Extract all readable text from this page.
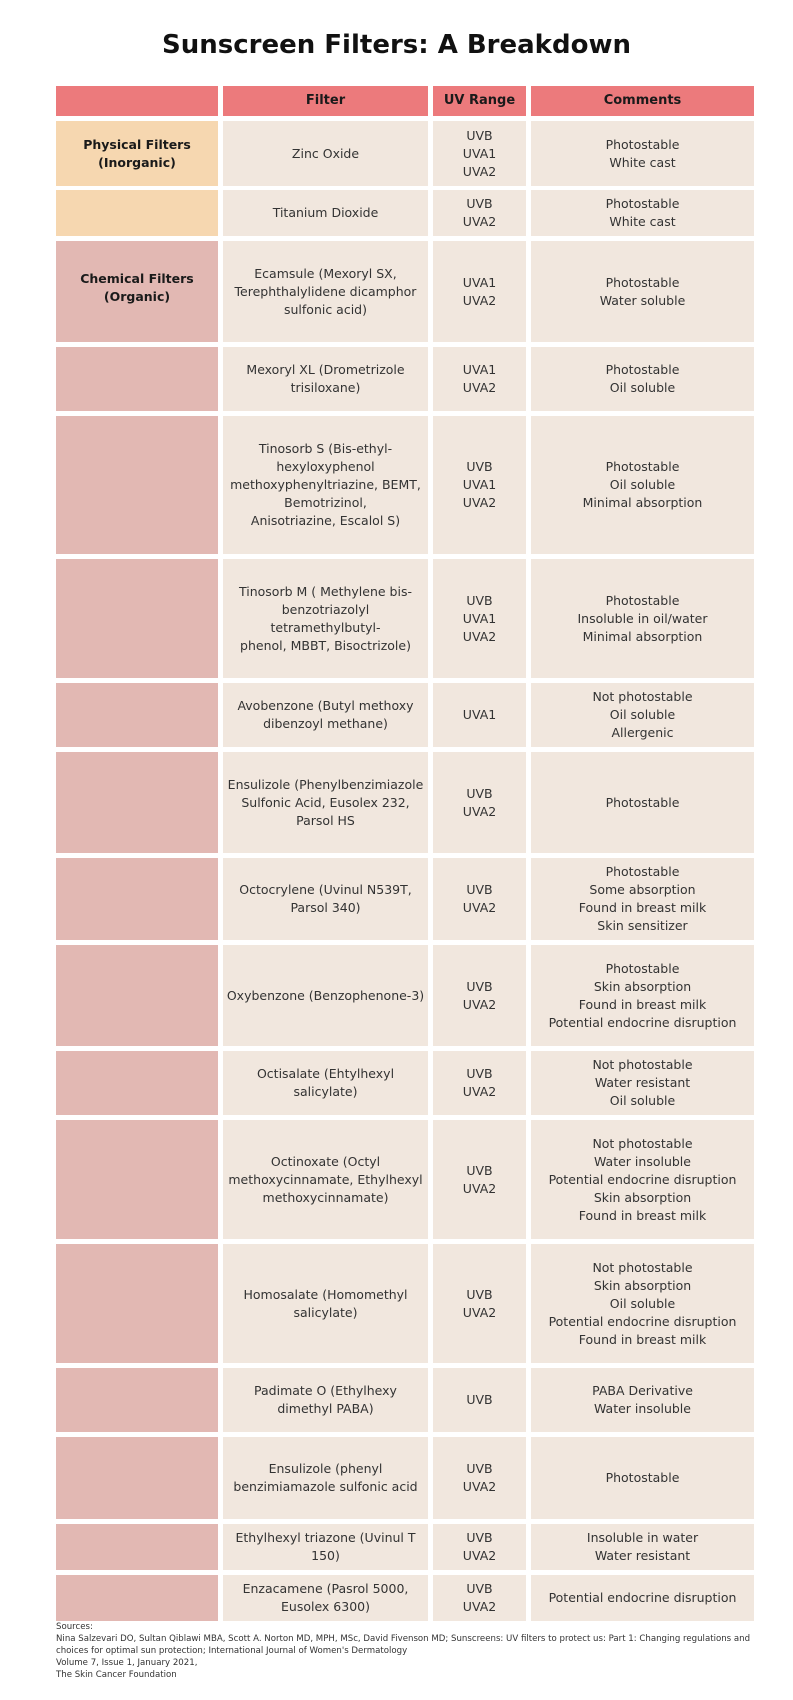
Sunscreen Filters: A Breakdown
Filter	UV Range	Comments
Physical Filters
(Inorganic)
Zinc Oxide
UVB
UVA1
UVA2
Photostable
White cast
Titanium Dioxide
UVB
UVA2
Photostable
White cast
Chemical Filters
(Organic)
Ecamsule (Mexoryl SX,
Terephthalylidene dicamphor
sulfonic acid)
UVA1
UVA2
Photostable
Water soluble
Mexoryl XL (Drometrizole
trisiloxane)
UVA1
UVA2
Photostable
Oil soluble
Tinosorb S (Bis-ethyl-
hexyloxyphenol
methoxyphenyltriazine, BEMT,
Bemotrizinol,
Anisotriazine, Escalol S)
UVB
UVA1
UVA2
Photostable
Oil soluble
Minimal absorption
Tinosorb M ( Methylene bis-
benzotriazolyl
tetramethylbutyl-
phenol, MBBT, Bisoctrizole)
UVB
UVA1
UVA2
Photostable
Insoluble in oil/water
Minimal absorption
Avobenzone (Butyl methoxy
dibenzoyl methane)
UVA1
Not photostable
Oil soluble
Allergenic
Ensulizole (Phenylbenzimiazole
Sulfonic Acid, Eusolex 232,
Parsol HS
UVB
UVA2
Photostable
Octocrylene (Uvinul N539T,
Parsol 340)
UVB
UVA2
Photostable
Some absorption
Found in breast milk
Skin sensitizer
Oxybenzone (Benzophenone-3)
UVB
UVA2
Photostable
Skin absorption
Found in breast milk
Potential endocrine disruption
Octisalate (Ehtylhexyl
salicylate)
UVB
UVA2
Not photostable
Water resistant
Oil soluble
Octinoxate (Octyl
methoxycinnamate, Ethylhexyl
methoxycinnamate)
UVB
UVA2
Not photostable
Water insoluble
Potential endocrine disruption
Skin absorption
Found in breast milk
Homosalate (Homomethyl
salicylate)
UVB
UVA2
Not photostable
Skin absorption
Oil soluble
Potential endocrine disruption
Found in breast milk
Padimate O (Ethylhexy
dimethyl PABA)
UVB
PABA Derivative
Water insoluble
Ensulizole (phenyl
benzimiamazole sulfonic acid
UVB
UVA2
Photostable
Ethylhexyl triazone (Uvinul T
150)
UVB
UVA2
Insoluble in water
Water resistant
Enzacamene (Pasrol 5000,
Eusolex 6300)
UVB
UVA2
Potential endocrine disruption
Sources:
Nina Salzevari DO, Sultan Qiblawi MBA, Scott A. Norton MD, MPH, MSc, David Fivenson MD; Sunscreens: UV filters to protect us: Part 1: Changing regulations and
choices for optimal sun protection; International Journal of Women's Dermatology
Volume 7, Issue 1, January 2021,
The Skin Cancer Foundation
